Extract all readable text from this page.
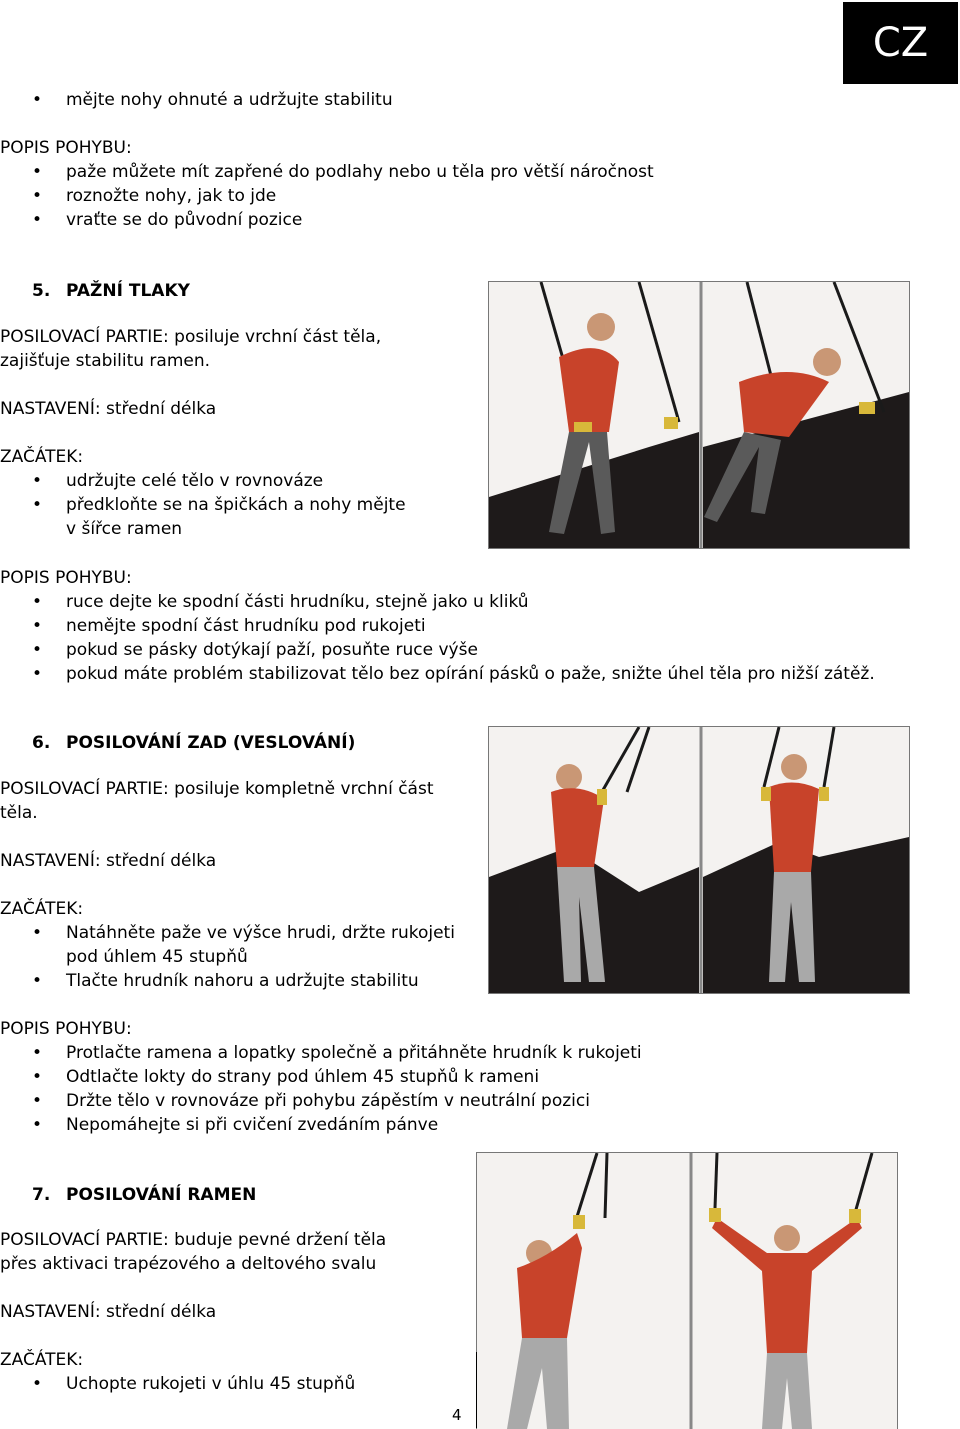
CZ
mějte nohy ohnuté a udržujte stabilitu
POPIS POHYBU:
paže můžete mít zapřené do podlahy nebo u těla pro větší náročnost
roznožte nohy, jak to jde
vraťte se do původní pozice
5. PAŽNÍ TLAKY
POSILOVACÍ PARTIE: posiluje vrchní část těla,
zajišťuje stabilitu ramen.
NASTAVENÍ: střední délka
ZAČÁTEK:
udržujte celé tělo v rovnováze
předkloňte se na špičkách a nohy mějte
v šířce ramen
POPIS POHYBU:
ruce dejte ke spodní části hrudníku, stejně jako u kliků
nemějte spodní část hrudníku pod rukojeti
pokud se pásky dotýkají paží, posuňte ruce výše
pokud máte problém stabilizovat tělo bez opírání pásků o paže, snižte úhel těla pro nižší zátěž.
6. POSILOVÁNÍ ZAD (VESLOVÁNÍ)
POSILOVACÍ PARTIE: posiluje kompletně vrchní část
těla.
NASTAVENÍ: střední délka
ZAČÁTEK:
Natáhněte paže ve výšce hrudi, držte rukojeti
pod úhlem 45 stupňů
Tlačte hrudník nahoru a udržujte stabilitu
POPIS POHYBU:
Protlačte ramena a lopatky společně a přitáhněte hrudník k rukojeti
Odtlačte lokty do strany pod úhlem 45 stupňů k rameni
Držte tělo v rovnováze při pohybu zápěstím v neutrální pozici
Nepomáhejte si při cvičení zvedáním pánve
7. POSILOVÁNÍ RAMEN
POSILOVACÍ PARTIE: buduje pevné držení těla
přes aktivaci trapézového a deltového svalu
NASTAVENÍ: střední délka
ZAČÁTEK:
Uchopte rukojeti v úhlu 45 stupňů
4
